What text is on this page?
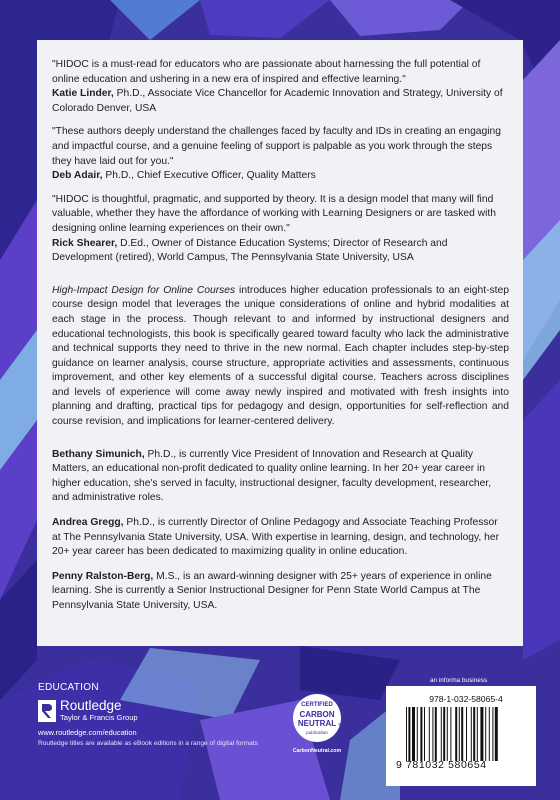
"HIDOC is a must-read for educators who are passionate about harnessing the full potential of online education and ushering in a new era of inspired and effective learning."

Katie Linder, Ph.D., Associate Vice Chancellor for Academic Innovation and Strategy, University of Colorado Denver, USA

"These authors deeply understand the challenges faced by faculty and IDs in creating an engaging and impactful course, and a genuine feeling of support is palpable as you work through the steps they have laid out for you."

Deb Adair, Ph.D., Chief Executive Officer, Quality Matters

"HIDOC is thoughtful, pragmatic, and supported by theory. It is a design model that many will find valuable, whether they have the affordance of working with Learning Designers or are tasked with designing online learning experiences on their own."

Rick Shearer, D.Ed., Owner of Distance Education Systems; Director of Research and Development (retired), World Campus, The Pennsylvania State University, USA

High-Impact Design for Online Courses introduces higher education professionals to an eight-step course design model that leverages the unique considerations of online and hybrid modalities at each stage in the process. Though relevant to and informed by instructional designers and educational technologists, this book is specifically geared toward faculty who lack the administrative and technical supports they need to thrive in the new normal. Each chapter includes step-by-step guidance on learner analysis, course structure, appropriate activities and assessments, continuous improvement, and other key elements of a successful digital course. Teachers across disciplines and levels of experience will come away newly inspired and motivated with fresh insights into planning and drafting, practical tips for pedagogy and design, opportunities for self-reflection and course revision, and implications for learner-centered delivery.

Bethany Simunich, Ph.D., is currently Vice President of Innovation and Research at Quality Matters, an educational non-profit dedicated to quality online learning. In her 20+ year career in higher education, she's served in faculty, instructional designer, faculty development, researcher, and administrative roles.

Andrea Gregg, Ph.D., is currently Director of Online Pedagogy and Associate Teaching Professor at The Pennsylvania State University, USA. With expertise in learning, design, and technology, her 20+ year career has been dedicated to maximizing quality in online education.

Penny Ralston-Berg, M.S., is an award-winning designer with 25+ years of experience in online learning. She is currently a Senior Instructional Designer for Penn State World Campus at The Pennsylvania State University, USA.

EDUCATION
Routledge
Taylor & Francis Group
www.routledge.com/education
Routledge titles are available as eBook editions in a range of digital formats
CERTIFIED
CARBON
NEUTRAL ®
publication
CarbonNeutral.com
an informa business
978-1-032-58065-4
9 781032 580654
